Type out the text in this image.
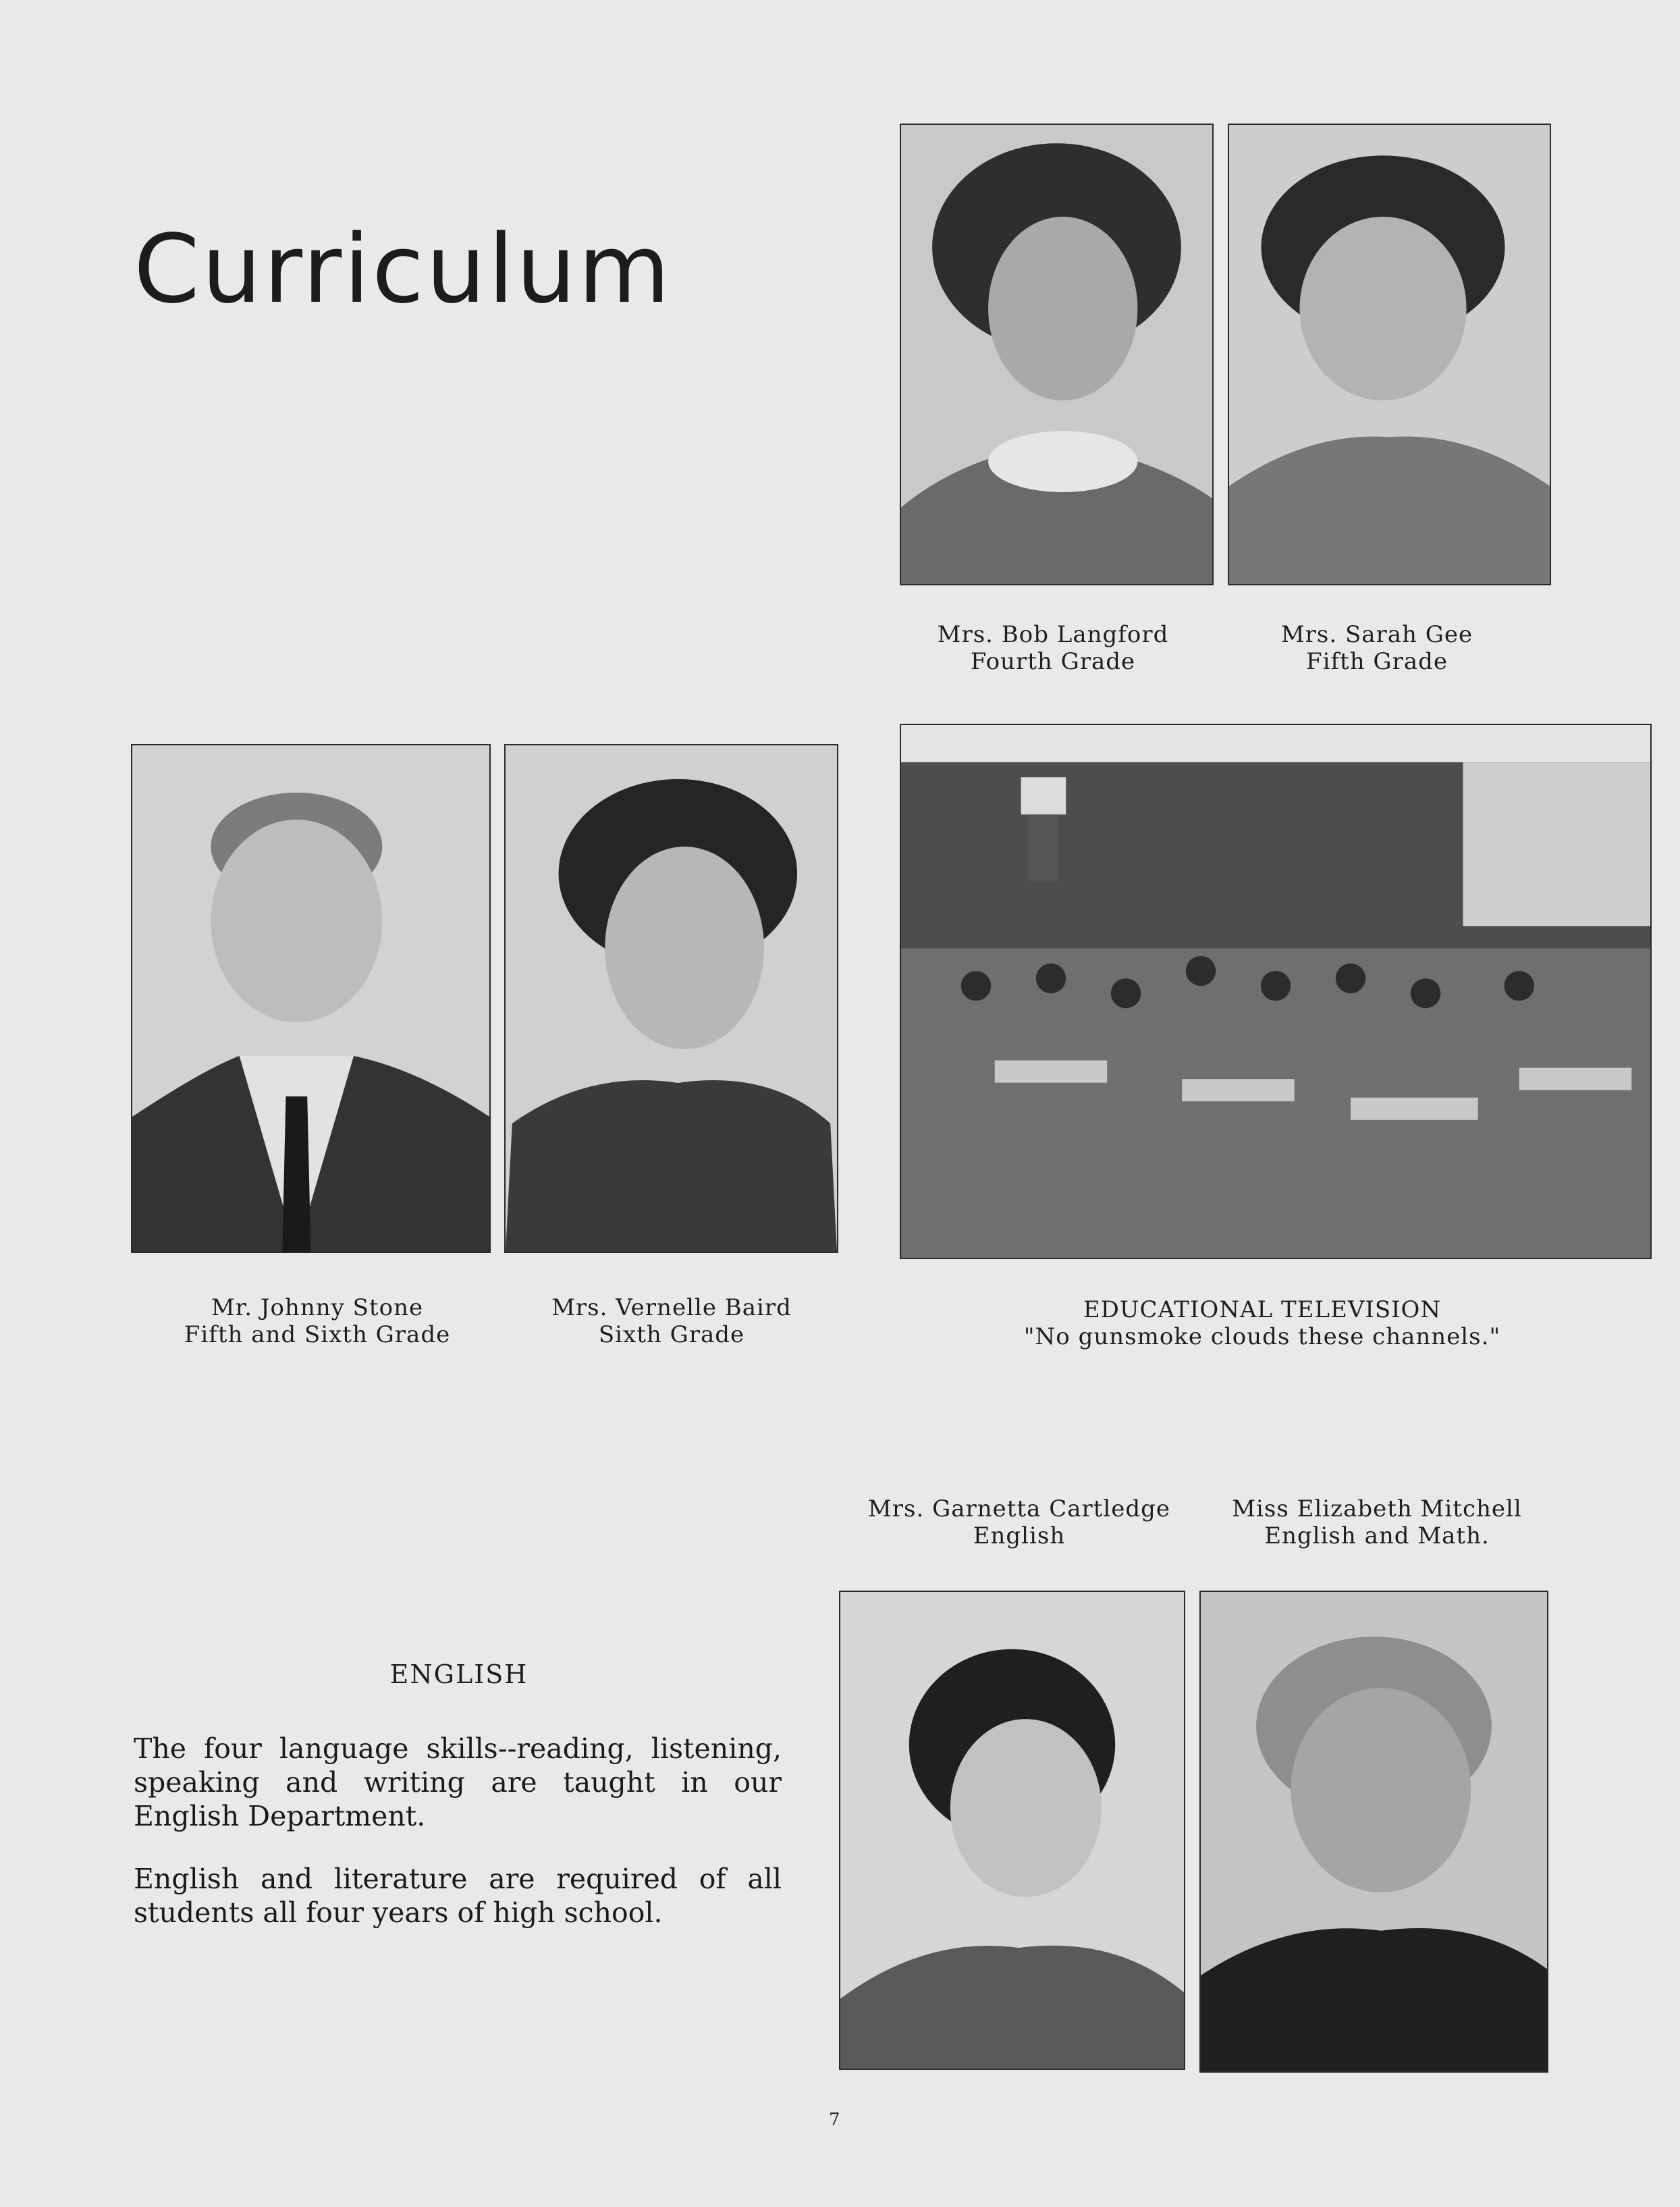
Curriculum
Mrs. Bob Langford
Fourth Grade
Mrs. Sarah Gee
Fifth Grade
Mr. Johnny Stone
Fifth and Sixth Grade
Mrs. Vernelle Baird
Sixth Grade
EDUCATIONAL TELEVISION
"No gunsmoke clouds these channels."
Mrs. Garnetta Cartledge
English
Miss Elizabeth Mitchell
English and Math.
ENGLISH

The four language skills--reading, listening, speaking and writing are taught in our English Department.

English and literature are required of all students all four years of high school.

7
